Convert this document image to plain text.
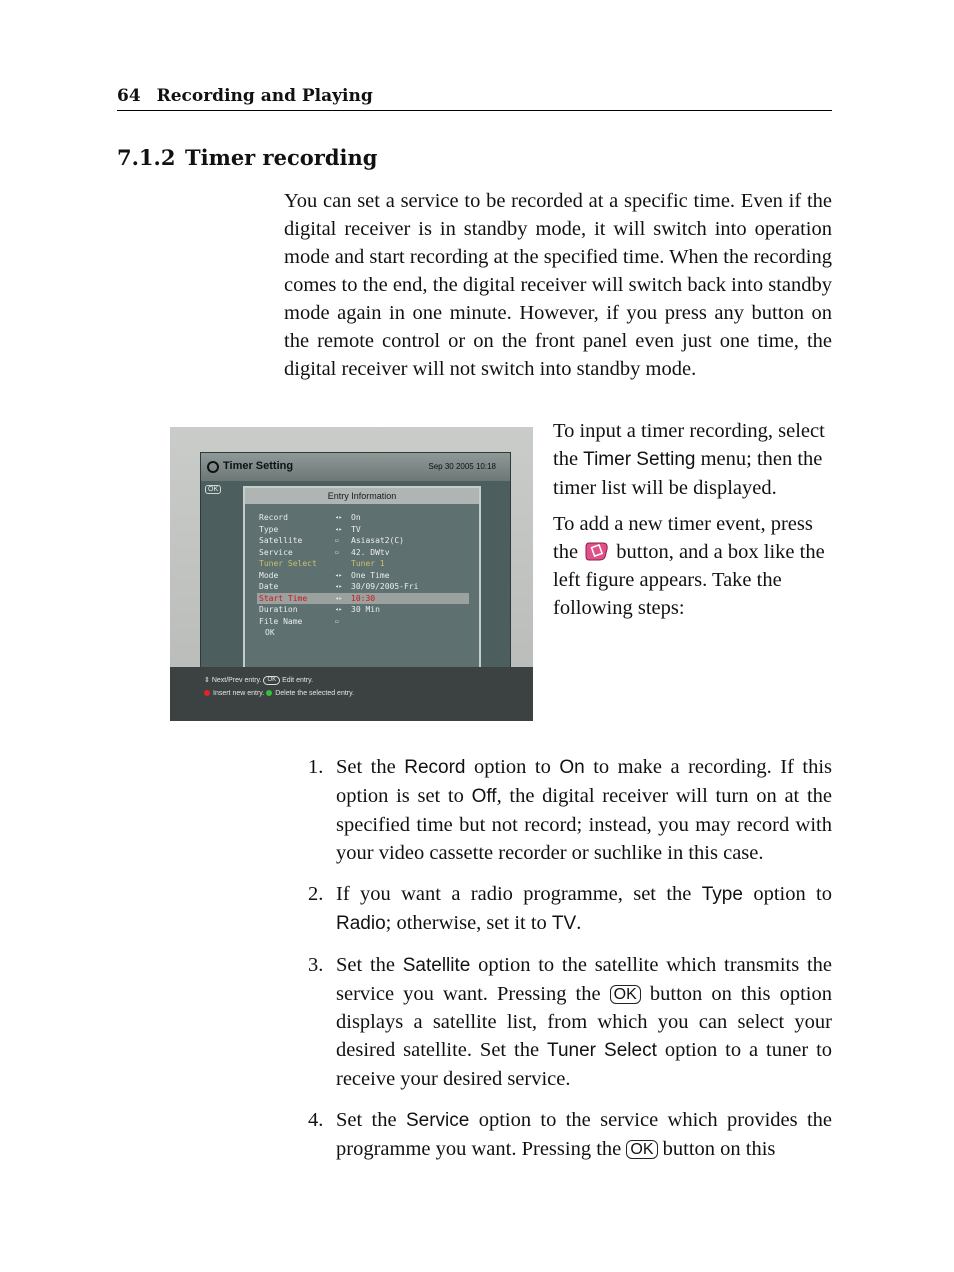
64 Recording and Playing
7.1.2 Timer recording

You can set a service to be recorded at a specific time. Even if the digital receiver is in standby mode, it will switch into operation mode and start recording at the specified time. When the recording comes to the end, the digital receiver will switch back into standby mode again in one minute. However, if you press any button on the remote control or on the front panel even just one time, the digital receiver will not switch into standby mode.

Timer Setting	Sep 30 2005 10:18
OK
Entry Information
Record	◂▸ On
Type	◂▸ TV
Satellite	▭ Asiasat2(C)
Service	▭ 42. DWtv
Tuner Select	Tuner 1
Mode	◂▸ One Time
Date	◂▸ 30/09/2005-Fri
Start Time	◂▸ 10:30
Duration	◂▸ 30 Min
File Name	▭
OK
⇕ Next/Prev entry. OK Edit entry.
Insert new entry. Delete the selected entry.

To input a timer recording, select the Timer Setting menu; then the timer list will be displayed.

To add a new timer event, press the button, and a box like the left figure appears. Take the following steps:

1. Set the Record option to On to make a recording. If this option is set to Off, the digital receiver will turn on at the specified time but not record; instead, you may record with your video cassette recorder or suchlike in this case.
2. If you want a radio programme, set the Type option to Radio; otherwise, set it to TV.
3. Set the Satellite option to the satellite which transmits the service you want. Pressing the OK button on this option displays a satellite list, from which you can select your desired satellite. Set the Tuner Select option to a tuner to receive your desired service.
4. Set the Service option to the service which provides the programme you want. Pressing the OK button on this
